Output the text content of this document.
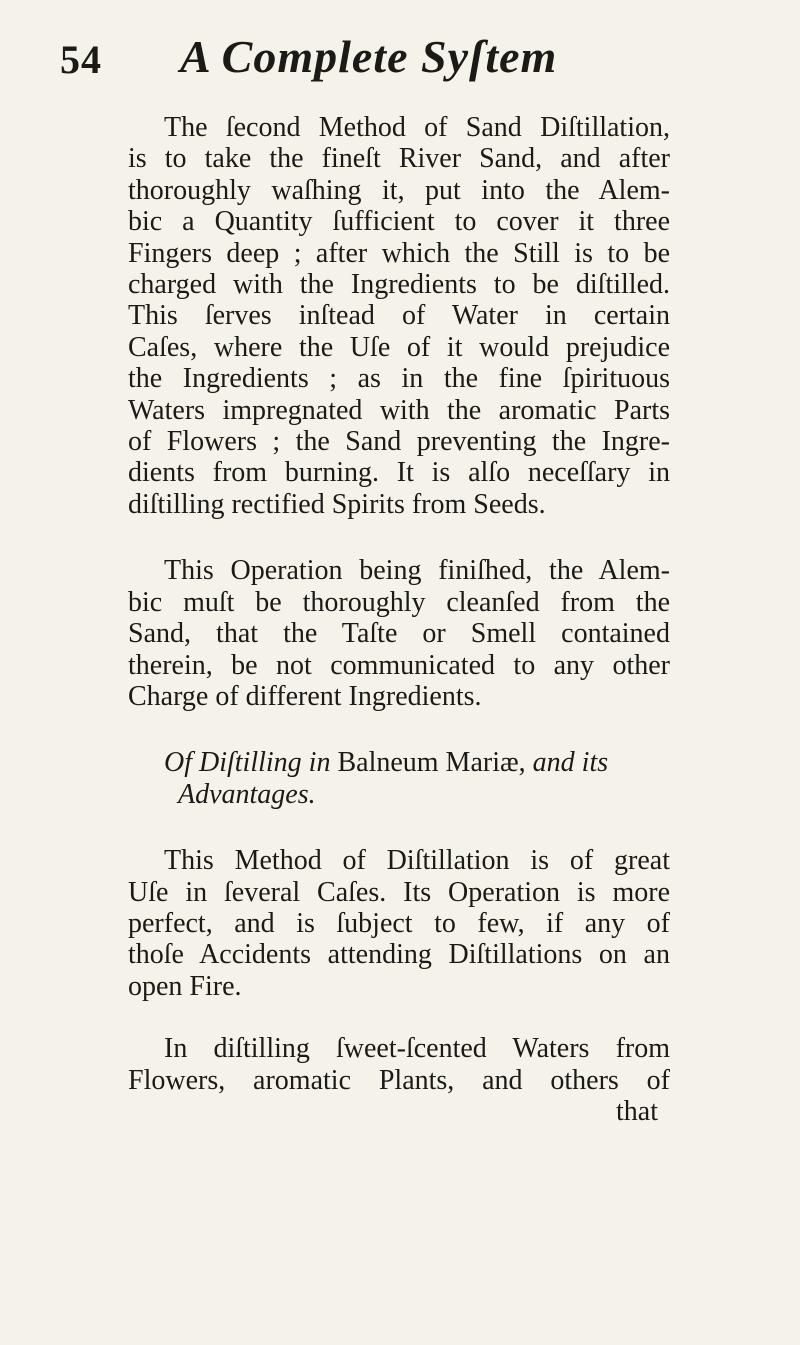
54 A Complete Syſtem
The ſecond Method of Sand Diſtillation,
is to take the fineſt River Sand, and after
thoroughly waſhing it, put into the Alem-
bic a Quantity ſufficient to cover it three
Fingers deep ; after which the Still is to be
charged with the Ingredients to be diſtilled.
This ſerves inſtead of Water in certain
Caſes, where the Uſe of it would prejudice
the Ingredients ; as in the fine ſpirituous
Waters impregnated with the aromatic Parts
of Flowers ; the Sand preventing the Ingre-
dients from burning. It is alſo neceſſary in
diſtilling rectified Spirits from Seeds.
This Operation being finiſhed, the Alem-
bic muſt be thoroughly cleanſed from the
Sand, that the Taſte or Smell contained
therein, be not communicated to any other
Charge of different Ingredients.
Of Diſtilling in Balneum Mariæ, and its
Advantages.
This Method of Diſtillation is of great
Uſe in ſeveral Caſes. Its Operation is more
perfect, and is ſubject to few, if any of
thoſe Accidents attending Diſtillations on an
open Fire.
In diſtilling ſweet-ſcented Waters from
Flowers, aromatic Plants, and others of
that
